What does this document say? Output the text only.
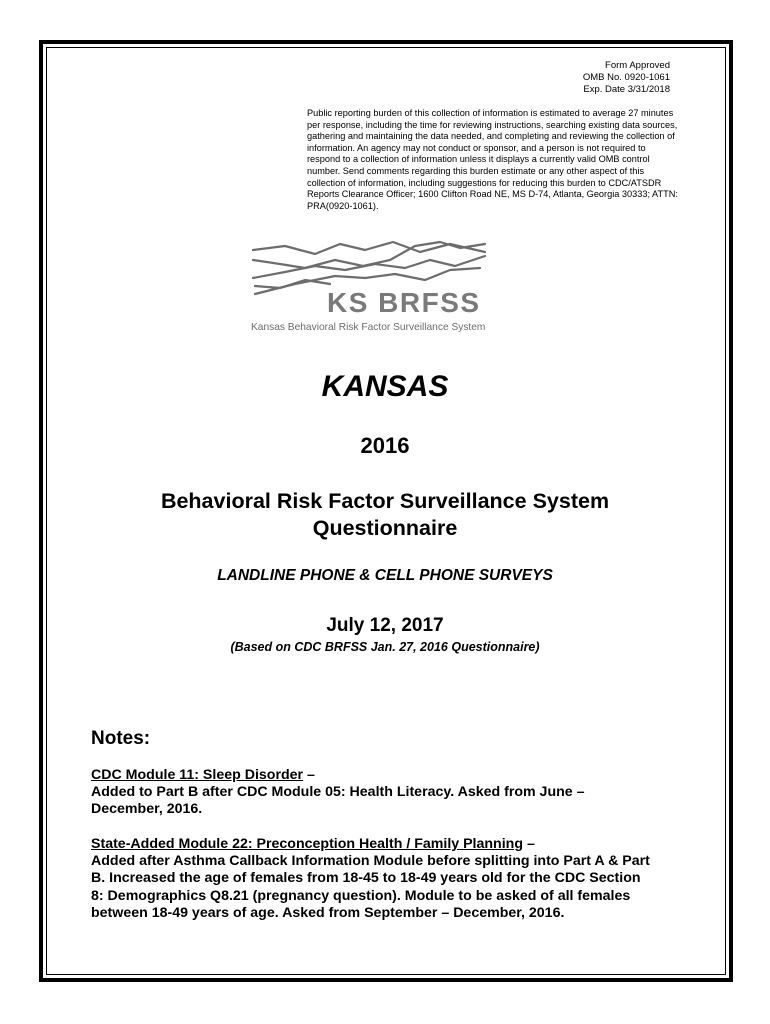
Form Approved
OMB No. 0920-1061
Exp. Date 3/31/2018
Public reporting burden of this collection of information is estimated to average 27 minutes per response, including the time for reviewing instructions, searching existing data sources, gathering and maintaining the data needed, and completing and reviewing the collection of information. An agency may not conduct or sponsor, and a person is not required to respond to a collection of information unless it displays a currently valid OMB control number. Send comments regarding this burden estimate or any other aspect of this collection of information, including suggestions for reducing this burden to CDC/ATSDR Reports Clearance Officer; 1600 Clifton Road NE, MS D-74, Atlanta, Georgia 30333; ATTN: PRA(0920-1061).
KS BRFSS
Kansas Behavioral Risk Factor Surveillance System
KANSAS
2016
Behavioral Risk Factor Surveillance System
Questionnaire
LANDLINE PHONE & CELL PHONE SURVEYS
July 12, 2017
(Based on CDC BRFSS Jan. 27, 2016 Questionnaire)
Notes:
CDC Module 11: Sleep Disorder –
Added to Part B after CDC Module 05: Health Literacy. Asked from June – December, 2016.
State-Added Module 22: Preconception Health / Family Planning –
Added after Asthma Callback Information Module before splitting into Part A & Part B. Increased the age of females from 18-45 to 18-49 years old for the CDC Section 8: Demographics Q8.21 (pregnancy question). Module to be asked of all females between 18-49 years of age. Asked from September – December, 2016.
